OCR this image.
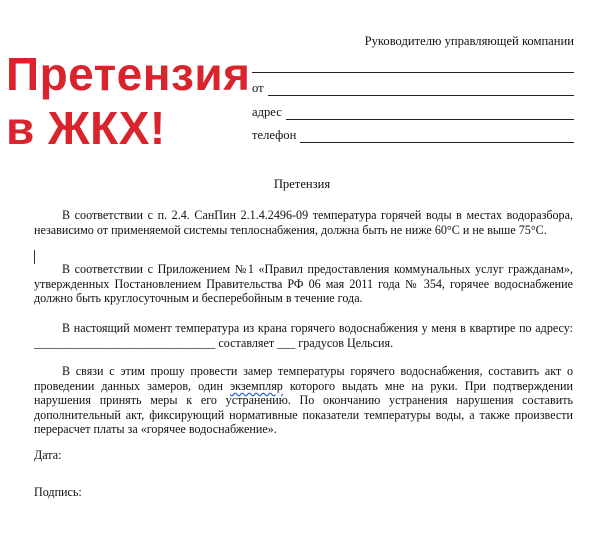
Претензия
в ЖКХ!
Руководителю управляющей компании
от
адрес
телефон
Претензия
В соответствии с п. 2.4. СанПин 2.1.4.2496-09 температура горячей воды в местах водоразбора, независимо от применяемой системы теплоснабжения, должна быть не ниже 60°С и не выше 75°С.
В соответствии с Приложением №1 «Правил предоставления коммунальных услуг гражданам», утвержденных Постановлением Правительства РФ 06 мая 2011 года № 354, горячее водоснабжение должно быть круглосуточным и бесперебойным в течение года.
В настоящий момент температура из крана горячего водоснабжения у меня в квартире по адресу: ______________________________ составляет ___ градусов Цельсия.
В связи с этим прошу провести замер температуры горячего водоснабжения, составить акт о проведении данных замеров, один экземпляр которого выдать мне на руки. При подтверждении нарушения принять меры к его устранению. По окончанию устранения нарушения составить дополнительный акт, фиксирующий нормативные показатели температуры воды, а также произвести перерасчет платы за «горячее водоснабжение».
Дата:
Подпись:
